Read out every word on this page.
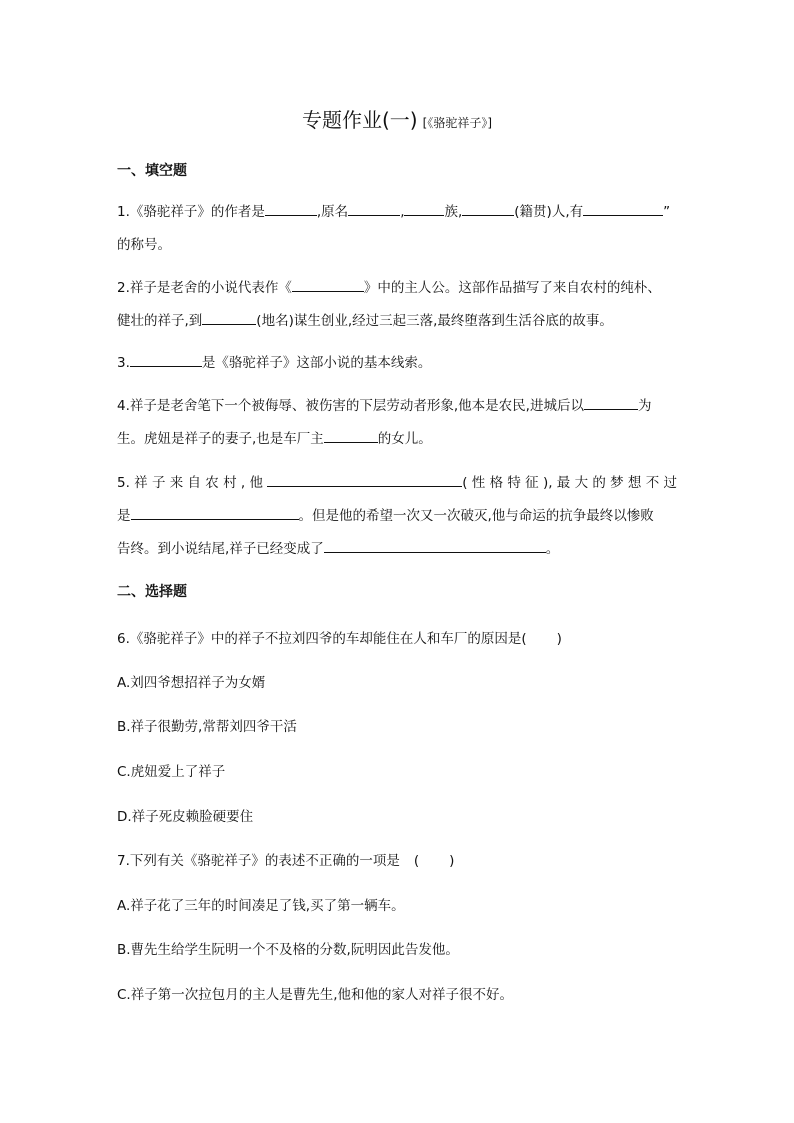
专题作业(一) [《骆驼祥子》]
一、填空题
1.《骆驼祥子》的作者是	,原名	,	族,	(籍贯)人,有	”
的称号。
2.祥子是老舍的小说代表作《	》中的主人公。这部作品描写了来自农村的纯朴、
健壮的祥子,到	(地名)谋生创业,经过三起三落,最终堕落到生活谷底的故事。
3.	是《骆驼祥子》这部小说的基本线索。
4.祥子是老舍笔下一个被侮辱、被伤害的下层劳动者形象,他本是农民,进城后以	为
生。虎妞是祥子的妻子,也是车厂主	的女儿。
5.祥子来自农村,他	(性格特征),最大的梦想不过
是	。但是他的希望一次又一次破灭,他与命运的抗争最终以惨败
告终。到小说结尾,祥子已经变成了	。
二、选择题
6.《骆驼祥子》中的祥子不拉刘四爷的车却能住在人和车厂的原因是( )
A.刘四爷想招祥子为女婿
B.祥子很勤劳,常帮刘四爷干活
C.虎妞爱上了祥子
D.祥子死皮赖脸硬要住
7.下列有关《骆驼祥子》的表述不正确的一项是 ( )
A.祥子花了三年的时间凑足了钱,买了第一辆车。
B.曹先生给学生阮明一个不及格的分数,阮明因此告发他。
C.祥子第一次拉包月的主人是曹先生,他和他的家人对祥子很不好。
